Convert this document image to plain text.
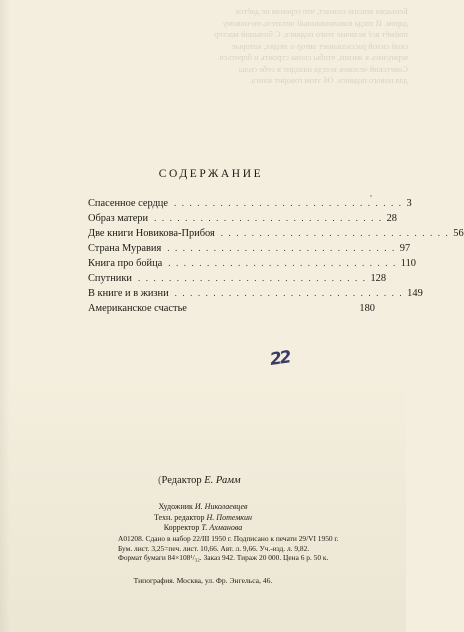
Бенькова вполне сознает, что героизм не даётся
даром. И тогда взволнованный читатель по-новому
поймёт всё величие этого подвига. С большой мастер
ской силой рассказывает автор о людях, которые
вернулись к жизни, чтобы снова строить и бороться.
Советский человек всегда находит в себе силы
для нового подвига. Об этом говорит книга.
СОДЕРЖАНИЕ
,
Спасенное сердце .............................. 3
Образ матери .............................. 28
Две книги Новикова-Прибоя .............................. 56
Страна Муравия .............................. 97
Книга про бойца .............................. 110
Спутники .............................. 128
В книге и в жизни .............................. 149
Американское счастье	180
22
(Редактор Е. Рамм
Художник И. Николаевцев
Техн. редактор Н. Потемкин
Корректор Т. Ахманова
А01208. Сдано в набор 22/III 1950 г. Подписано к печати 29/VI 1950 г.
Бум. лист. 3,25=печ. лист. 10,66. Авт. л. 9,66. Уч.-изд. л. 9,82.
Формат бумаги 84×108¹/₃₂. Заказ 942. Тираж 20 000. Цена 6 р. 50 к.
Типография. Москва, ул. Фр. Энгельса, 46.
